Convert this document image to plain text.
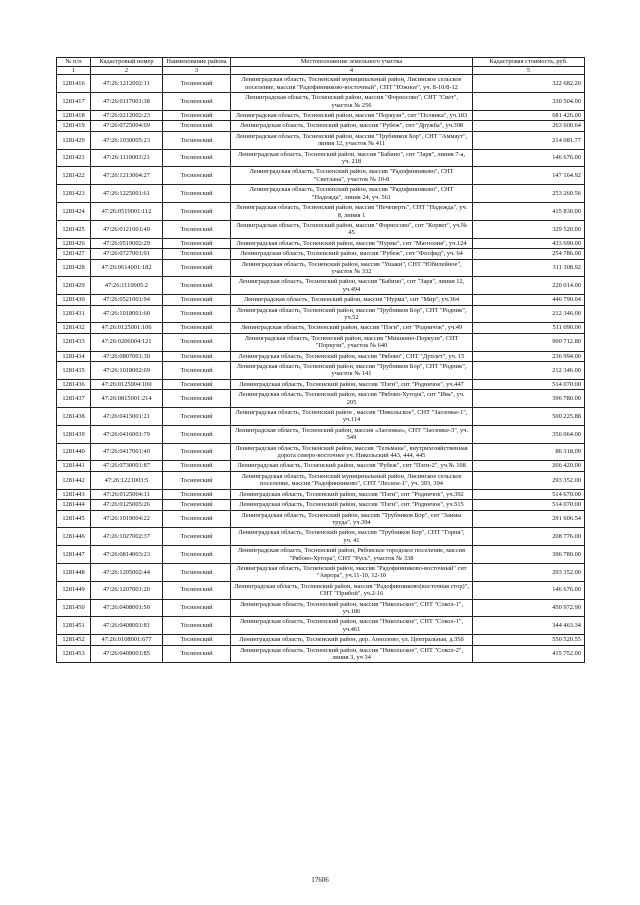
№ п/п	Кадастровый номер	Наименование района	Местоположение земельного участка	Кадастровая стоимость, руб.
1	2	3	4	5
1281416	47:26:1212002:11	Тосненский	Ленинградская область, Тосненский муниципальный район, Лисинское сельское поселение, массив "Радофинниково-восточный", СНТ "Южное", уч. 8-10/8-12	322 682.20
1281417	47:26:0117001:38	Тосненский	Ленинградская область, Тосненский район, массив "Форносово", СНТ "Свет", участок № 256	330 504.00
1281418	47:26:0212002:23	Тосненский	Ленинградская область, Тосненский район, массив "Поркузи", снт "Полянка", уч.183	681 426.00
1281419	47:26:0725004:69	Тосненский	Ленинградская область, Тосненский район, массив "Рубеж", снт "Дружба", уч.398	263 600.64
1281420	47:26:1030005:23	Тосненский	Ленинградская область, Тосненский район, массив "Трубников Бор", СНТ "Аммаут", линия 12, участок № 411	214 081.77
1281421	47:26:1110003:21	Тосненский	Ленинградская область, Тосненский район, массив "Бабино", снт "Заря", линия 7-а, уч. 218	146 676.00
1281422	47:26:1213004:27	Тосненский	Ленинградская область, Тосненский район, массив "Радофинниково", СНТ "Светлана", участок № 10-8	147 164.92
1281423	47:26:1225001:61	Тосненский	Ленинградская область, Тосненский район, массив "Радофинниково", СНТ "Надежда", линия 24, уч. 561	253 260.56
1281424	47:26:0519001:112	Тосненский	Ленинградская область, Тосненский район, массив "Нечеперть", СНТ "Надежда", уч. 8, линия 1	415 830.00
1281425	47:26:0121001:49	Тосненский	Ленинградская область, Тосненский район, массив "Форносово", снт "Корвет", уч.№ 45	329 520.00
1281426	47:26:0519002:29	Тосненский	Ленинградская область, Тосненский район, массив "Нурма", снт "Магнолия", уч.124	433 690.00
1281427	47:26:0727001:91	Тосненский	Ленинградская область, Тосненский район, массив "Рубеж", снт "Фосфид", уч. 64	254 786.00
1281428	47:26:0614001:182	Тосненский	Ленинградская область, Тосненский район, массив "Ушаки", СНТ "Юбилейное", участок № 332	311 308.92
1281429	47:26:1110005:2	Тосненский	Ленинградская область, Тосненский район, массив "Бабино", снт "Заря", линия 12, уч.494	220 014.00
1281430	47:26:0521001:94	Тосненский	Ленинградская область, Тосненский район, массив "Нурма", снт "Мир", уч.364	446 790.04
1281431	47:26:1018001:60	Тосненский	Ленинградская область, Тосненский район, массив "Трубников Бор", СНТ "Родник", уч.52	212 346.00
1281432	47:26:0125001:106	Тосненский	Ленинградская область, Тосненский район, массив "Пэги", снт "Родничок", уч.49	511 090.00
1281433	47:26:0206004:121	Тосненский	Ленинградская область, Тосненский район, массив "Мишкино-Поркузи", СНТ "Поркузи", участок № 640	900 712.80
1281434	47:26:0807001:30	Тосненский	Ленинградская область, Тосненский район, массив "Рябово", СНТ "Дуплет", уч. 15	236 994.00
1281435	47:26:1018002:69	Тосненский	Ленинградская область, Тосненский район, массив "Трубников Бор", СНТ "Родник", участок № 141	212 346.00
1281436	47:26:0125004:100	Тосненский	Ленинградская область, Тосненский район, массив "Пэги", снт "Родничок", уч.447	514 070.00
1281437	47:26:0815001:214	Тосненский	Ленинградская область, Тосненский район, массив "Рябово-Хутора", снт "Ива", уч. 205	396 780.00
1281438	47:26:0415001:21	Тосненский	Ленинградская область, Тосненский район , массив "Никольское", СНТ "Заозовье-1", уч.114	500 225.88
1281439	47:26:0416001:79	Тосненский	Ленинградская область, Тосненский район, массив «Заозовье», СНТ "Заозовье-3", уч. 549	356 064.00
1281440	47:26:0417001:40	Тосненский	Ленинградская область, Тосненский район, массив "Тельмана", внутрихозяйственная дорога северо-восточнее уч. Никольский 443, 444, 445	86 318.09
1281441	47:26:0730001:87	Тосненский	Ленинградская область, Тосненский район, массив "Рубеж", снт "Пэги-2", уч.№ 108	266 420.00
1281442	47:26:1221003:5	Тосненский	Ленинградская область, Тосненский муниципальный район, Лисинское сельское поселение, массив "Радофинниково", СНТ "Лесное-1", уч. 393, 394	293 352.00
1281443	47:26:0125004:11	Тосненский	Ленинградская область, Тосненский район, массив "Пэги", снт "Родничок", уч.392	514 670.00
1281444	47:26:0125005:26	Тосненский	Ленинградская область, Тосненский район, массив "Пэги", снт "Родничок", уч.515	514 070.00
1281445	47:26:1019004:22	Тосненский	Ленинградская область, Тосненский район, массив "Трубников Бор", снт "Заимы труда", уч.394	291 606.54
1281446	47:26:1027002:37	Тосненский	Ленинградская область, Тосненский район, массив "Трубников Бор", СНТ "Горня", уч. 41	208 776.00
1281447	47:26:0814003:23	Тосненский	Ленинградская область, Тосненский район, Рябовское городское поселение, массив "Рябово-Хутора", СНТ "Русь", участок № 338	396 780.00
1281448	47:26:1205002:44	Тосненский	Ленинградская область, Тосненский район, массив "Радофинниково-восточный" снт "Аврора", уч.11-10, 12-10	293 352.00
1281449	47:26:1207001:20	Тосненский	Ленинградская область, Тосненский район, массив "Радофинниково(восточная стор)", СНТ "Прибой", уч.2-16	146 676.00
1281450	47:26:0408001:50	Тосненский	Ленинградская область, Тосненский район, массив "Никольское", СНТ "Сокол-1", уч.186	450 972.90
1281451	47:26:0408001:81	Тосненский	Ленинградская область, Тосненский район, массив "Никольское", СНТ "Сокол-1", уч.461	344 463.34
1281452	47:26:0108001:677	Тосненский	Ленинградская область, Тосненский район, дер. Аннолово, ул. Центральная, д.35б	550 520.55
1281453	47:26:0409001:85	Тосненский	Ленинградская область, Тосненский район, массив "Никольское", СНТ "Сокол-2", линия 3, уч 34	415 752.00
17606
